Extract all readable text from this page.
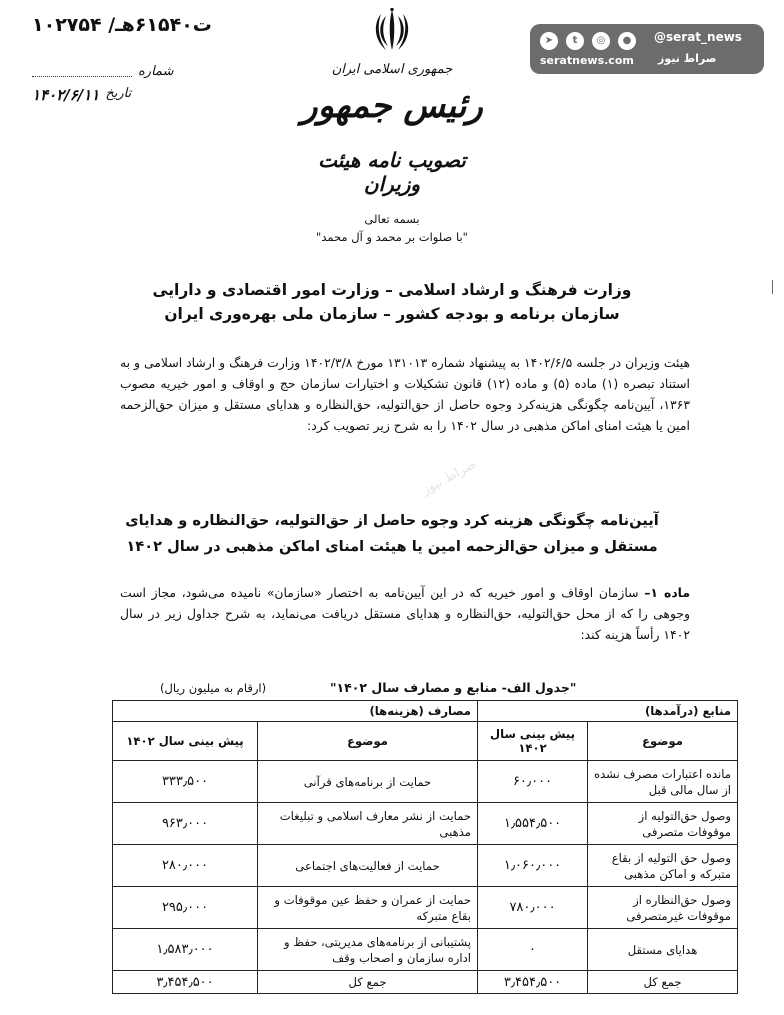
۱۰۲۷۵۴ /ت۶۱۵۴۰هـ
شماره
تاریخ
۱۴۰۲/۶/۱۱
جمهوری اسلامی ایران
رئیس جمهور
تصویب نامه هیئت وزیران
➤	t	◎	●	@serat_news
seratnews.com صراط نیوز
بسمه تعالی
"با صلوات بر محمد و آل محمد"
وزارت فرهنگ و ارشاد اسلامی – وزارت امور اقتصادی و دارایی
سازمان برنامه و بودجه کشور – سازمان ملی بهره‌وری ایران
هیئت وزیران در جلسه ۱۴۰۲/۶/۵ به پیشنهاد شماره ۱۳۱۰۱۳ مورخ ۱۴۰۲/۳/۸ وزارت فرهنگ و ارشاد اسلامی و به استناد تبصره (۱) ماده (۵) و ماده (۱۲) قانون تشکیلات و اختیارات سازمان حج و اوقاف و امور خیریه مصوب ۱۳۶۳، آیین‌نامه چگونگی هزینه‌کرد وجوه حاصل از حق‌التولیه، حق‌النظاره و هدایای مستقل و میزان حق‌الزحمه امین یا هیئت امنای اماکن مذهبی در سال ۱۴۰۲ را به شرح زیر تصویب کرد:
صراط نیوز
آیین‌نامه چگونگی هزینه کرد وجوه حاصل از حق‌التولیه، حق‌النظاره و هدایای
مستقل و میزان حق‌الزحمه امین یا هیئت امنای اماکن مذهبی در سال ۱۴۰۲
ماده ۱– سازمان اوقاف و امور خیریه که در این آیین‌نامه به اختصار «سازمان» نامیده می‌شود، مجاز است وجوهی را که از محل حق‌التولیه، حق‌النظاره و هدایای مستقل دریافت می‌نماید، به شرح جداول زیر در سال ۱۴۰۲ رأساً هزینه کند:
"جدول الف- منابع و مصارف سال ۱۴۰۲"
(ارقام به میلیون ریال)
منابع (درآمدها)		مصارف (هزینه‌ها)	
موضوع	پیش بینی سال ۱۴۰۲	موضوع	پیش بینی سال ۱۴۰۲
مانده اعتبارات مصرف نشده از سال مالی قبل	۶۰٫۰۰۰	حمایت از برنامه‌های قرآنی	۳۳۳٫۵۰۰
وصول حق‌التولیه از موقوفات متصرفی	۱٫۵۵۴٫۵۰۰	حمایت از نشر معارف اسلامی و تبلیغات مذهبی	۹۶۳٫۰۰۰
وصول حق التولیه از بقاع متبرکه و اماکن مذهبی	۱٫۰۶۰٫۰۰۰	حمایت از فعالیت‌های اجتماعی	۲۸۰٫۰۰۰
وصول حق‌النظاره از موقوفات غیرمتصرفی	۷۸۰٫۰۰۰	حمایت از عمران و حفظ عین موقوفات و بقاع متبرکه	۲۹۵٫۰۰۰
هدایای مستقل	۰	پشتیبانی از برنامه‌های مدیریتی، حفظ و اداره سازمان و اصحاب وقف	۱٫۵۸۳٫۰۰۰
جمع کل	۳٫۴۵۴٫۵۰۰	جمع کل	۳٫۴۵۴٫۵۰۰
